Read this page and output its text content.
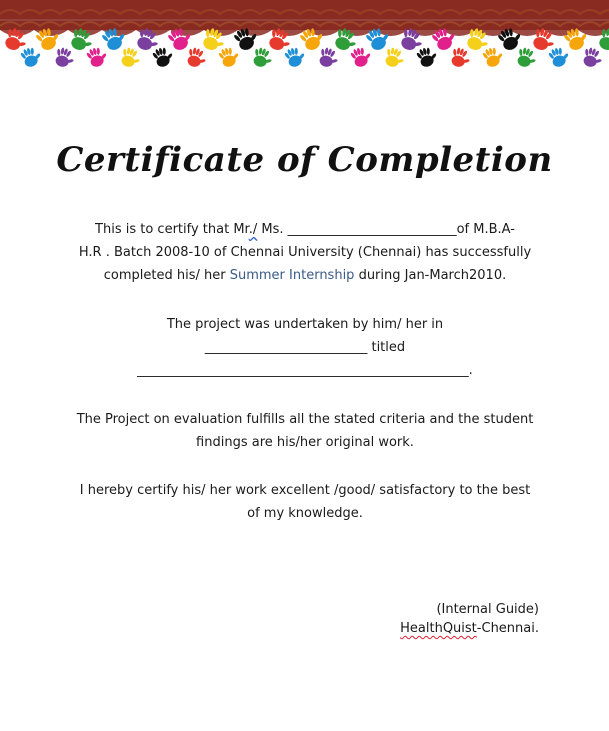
Certificate of Completion
This is to certify that Mr./ Ms. __________________________of M.B.A-
H.R . Batch 2008-10 of Chennai University (Chennai) has successfully
completed his/ her Summer Internship during Jan-March2010.
The project was undertaken by him/ her in
_________________________ titled
___________________________________________________.
The Project on evaluation fulfills all the stated criteria and the student
findings are his/her original work.
I hereby certify his/ her work excellent /good/ satisfactory to the best
of my knowledge.
(Internal Guide)
HealthQuist-Chennai.
